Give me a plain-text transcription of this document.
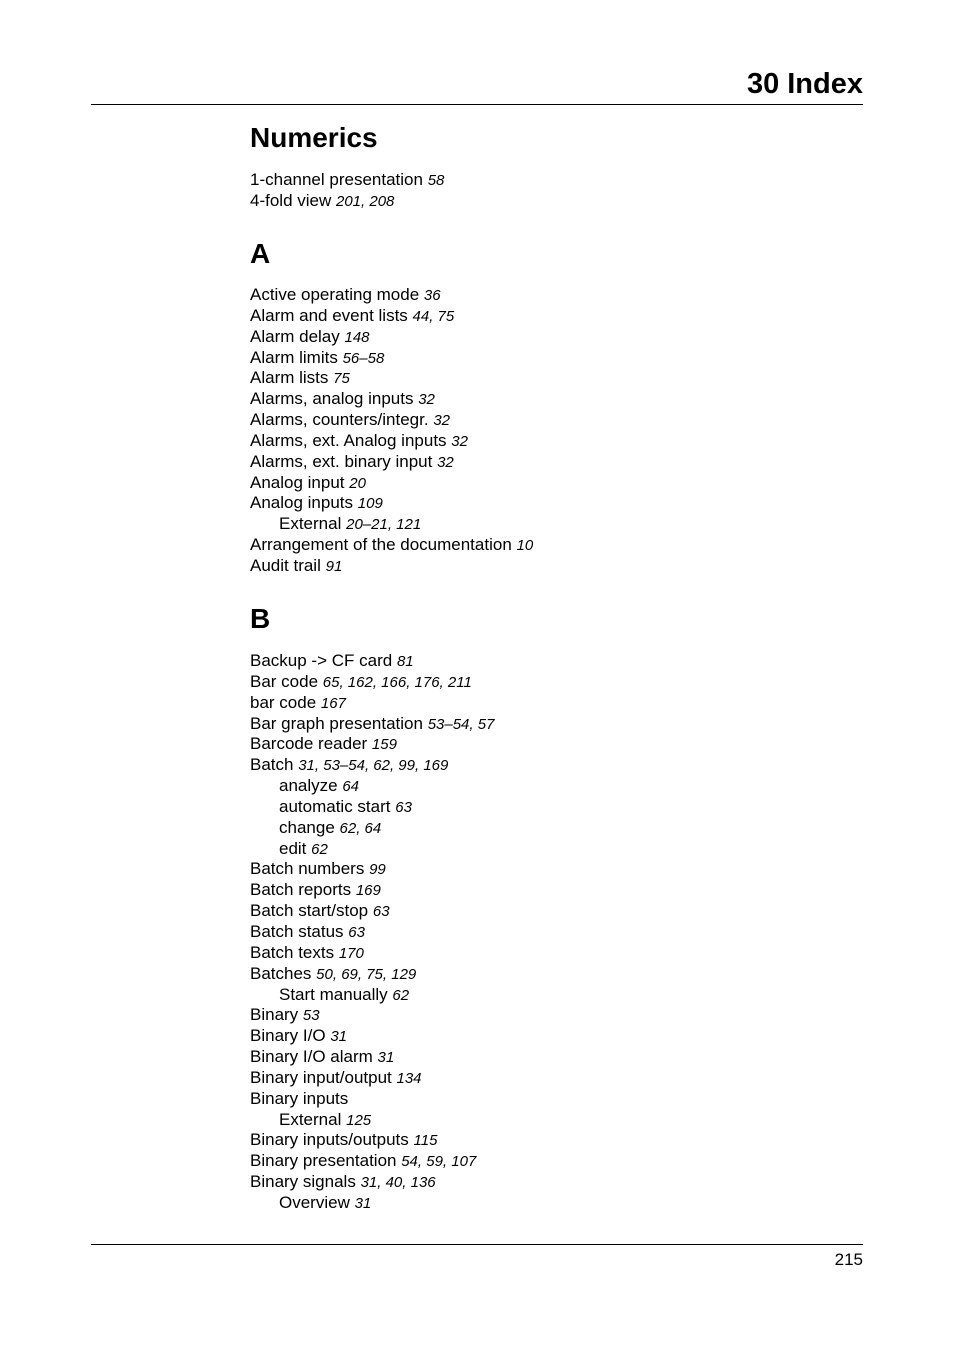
30 Index
Numerics
1-channel presentation 58
4-fold view 201, 208
A
Active operating mode 36
Alarm and event lists 44, 75
Alarm delay 148
Alarm limits 56–58
Alarm lists 75
Alarms, analog inputs 32
Alarms, counters/integr. 32
Alarms, ext. Analog inputs 32
Alarms, ext. binary input 32
Analog input 20
Analog inputs 109
External 20–21, 121
Arrangement of the documentation 10
Audit trail 91
B
Backup -> CF card 81
Bar code 65, 162, 166, 176, 211
bar code 167
Bar graph presentation 53–54, 57
Barcode reader 159
Batch 31, 53–54, 62, 99, 169
analyze 64
automatic start 63
change 62, 64
edit 62
Batch numbers 99
Batch reports 169
Batch start/stop 63
Batch status 63
Batch texts 170
Batches 50, 69, 75, 129
Start manually 62
Binary 53
Binary I/O 31
Binary I/O alarm 31
Binary input/output 134
Binary inputs
External 125
Binary inputs/outputs 115
Binary presentation 54, 59, 107
Binary signals 31, 40, 136
Overview 31
215
